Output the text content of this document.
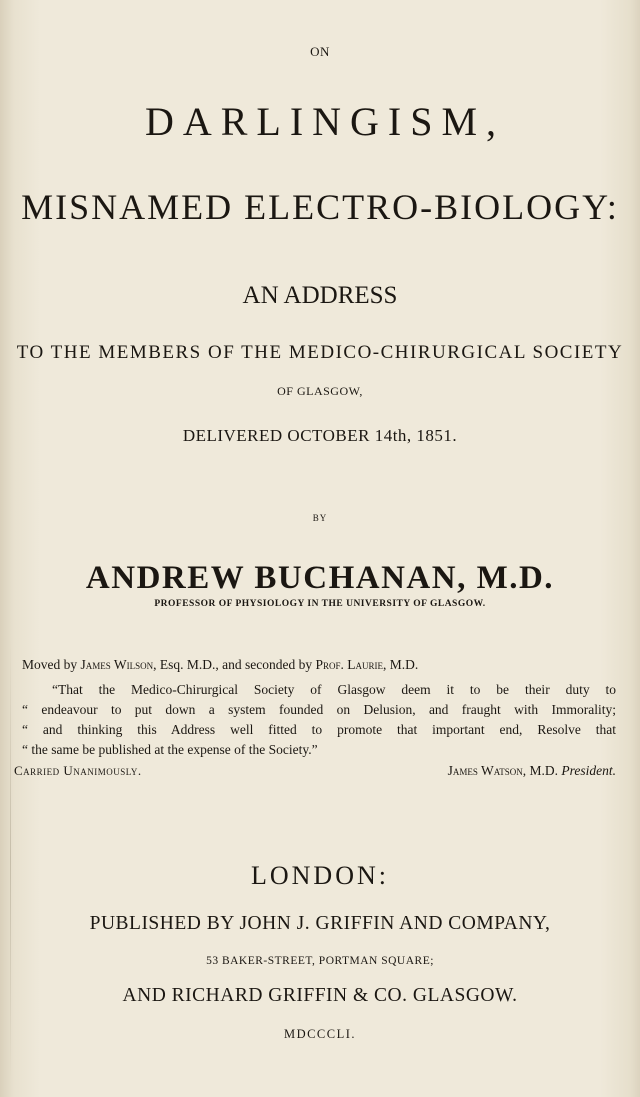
ON
DARLINGISM,
MISNAMED ELECTRO-BIOLOGY:
AN ADDRESS
TO THE MEMBERS OF THE MEDICO-CHIRURGICAL SOCIETY
OF GLASGOW,
DELIVERED OCTOBER 14th, 1851.
BY
ANDREW BUCHANAN, M.D.
PROFESSOR OF PHYSIOLOGY IN THE UNIVERSITY OF GLASGOW.
Moved by James Wilson, Esq. M.D., and seconded by Prof. Laurie, M.D.

“That the Medico-Chirurgical Society of Glasgow deem it to be their duty to

“ endeavour to put down a system founded on Delusion, and fraught with Immorality;

“ and thinking this Address well fitted to promote that important end, Resolve that

“ the same be published at the expense of the Society.”

Carried Unanimously.	James Watson, M.D. President.
LONDON:
PUBLISHED BY JOHN J. GRIFFIN AND COMPANY,
53 BAKER-STREET, PORTMAN SQUARE;
AND RICHARD GRIFFIN & CO. GLASGOW.
MDCCCLI.
